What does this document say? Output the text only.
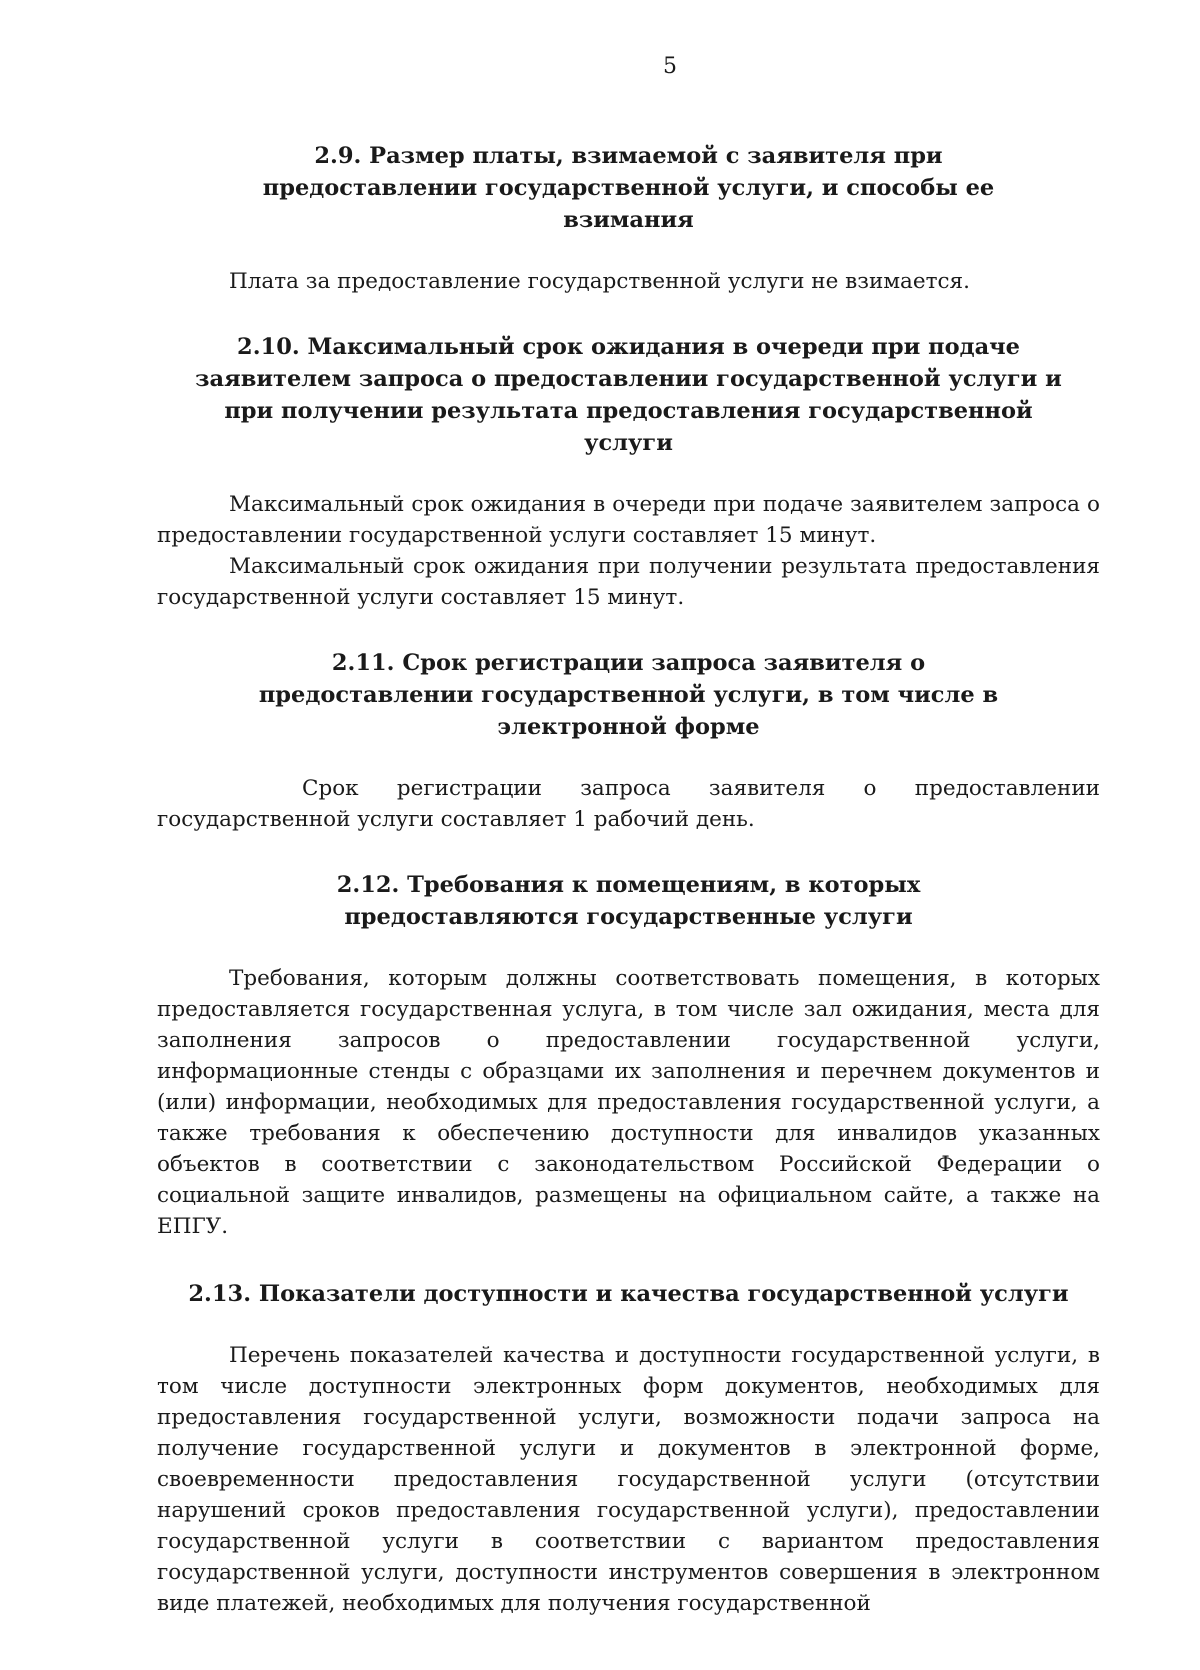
5
2.9. Размер платы, взимаемой с заявителя при предоставлении государственной услуги, и способы ее взимания

Плата за предоставление государственной услуги не взимается.

2.10. Максимальный срок ожидания в очереди при подаче заявителем запроса о предоставлении государственной услуги и при получении результата предоставления государственной услуги

Максимальный срок ожидания в очереди при подаче заявителем запроса о предоставлении государственной услуги составляет 15 минут.

Максимальный срок ожидания при получении результата предоставления государственной услуги составляет 15 минут.

2.11. Срок регистрации запроса заявителя о предоставлении государственной услуги, в том числе в электронной форме

Срок регистрации запроса заявителя о предоставлении государственной услуги составляет 1 рабочий день.

2.12. Требования к помещениям, в которых предоставляются государственные услуги

Требования, которым должны соответствовать помещения, в которых предоставляется государственная услуга, в том числе зал ожидания, места для заполнения запросов о предоставлении государственной услуги, информационные стенды с образцами их заполнения и перечнем документов и (или) информации, необходимых для предоставления государственной услуги, а также требования к обеспечению доступности для инвалидов указанных объектов в соответствии с законодательством Российской Федерации о социальной защите инвалидов, размещены на официальном сайте, а также на ЕПГУ.

2.13. Показатели доступности и качества государственной услуги

Перечень показателей качества и доступности государственной услуги, в том числе доступности электронных форм документов, необходимых для предоставления государственной услуги, возможности подачи запроса на получение государственной услуги и документов в электронной форме, своевременности предоставления государственной услуги (отсутствии нарушений сроков предоставления государственной услуги), предоставлении государственной услуги в соответствии с вариантом предоставления государственной услуги, доступности инструментов совершения в электронном виде платежей, необходимых для получения государственной
